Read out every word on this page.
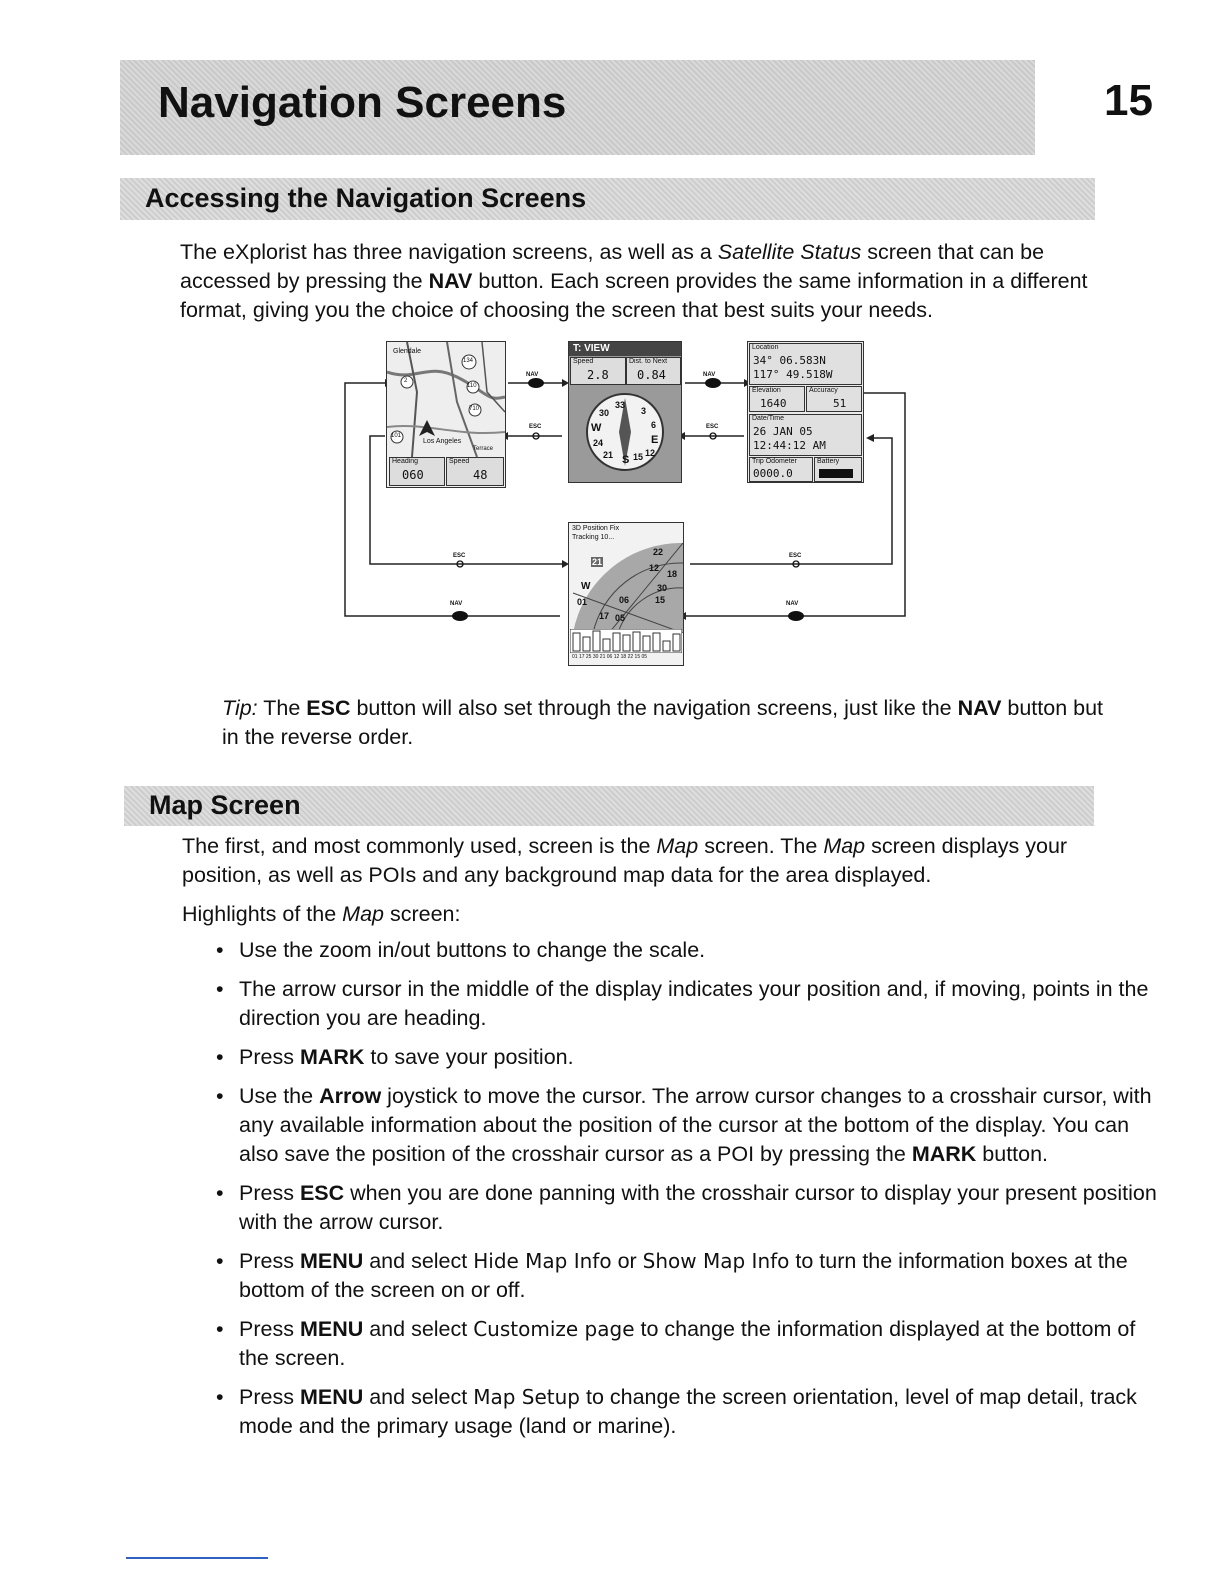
Navigation Screens	15
Accessing the Navigation Screens

The eXplorist has three navigation screens, as well as a Satellite Status screen that can be accessed by pressing the NAV button. Each screen provides the same information in a different format, giving you the choice of choosing the screen that best suits your needs.

NAV	NAV
NAV	NAV
ESC	ESC
ESC	ESC
Glendale
Los Angeles
Terrace
134
2
110
710
101
Heading
060
Speed
48
T: VIEW
Speed
2.8
Dist. to Next
0.84
33
3
30
6
W
E
24
12
21 S 15
Location
34° 06.583N
117° 49.518W
Elevation
1640
Accuracy
51
Date/Time
26 JAN 05
12:44:12 AM
Trip Odometer
0000.0
Battery
3D Position Fix
Tracking 10...
21
22
12
18
30
W
01	06	15
17 05
01 17 25 30 21 06 12 18 22 15 05

Tip: The ESC button will also set through the navigation screens, just like the NAV button but in the reverse order.

Map Screen

The first, and most commonly used, screen is the Map screen. The Map screen displays your position, as well as POIs and any background map data for the area displayed.

Highlights of the Map screen:

• Use the zoom in/out buttons to change the scale.
• The arrow cursor in the middle of the display indicates your position and, if moving, points in the direction you are heading.
• Press MARK to save your position.
• Use the Arrow joystick to move the cursor. The arrow cursor changes to a crosshair cursor, with any available information about the position of the cursor at the bottom of the display. You can also save the position of the crosshair cursor as a POI by pressing the MARK button.
• Press ESC when you are done panning with the crosshair cursor to display your present position with the arrow cursor.
• Press MENU and select Hide Map Info or Show Map Info to turn the information boxes at the bottom of the screen on or off.
• Press MENU and select Customize page to change the information displayed at the bottom of the screen.
• Press MENU and select Map Setup to change the screen orientation, level of map detail, track mode and the primary usage (land or marine).
